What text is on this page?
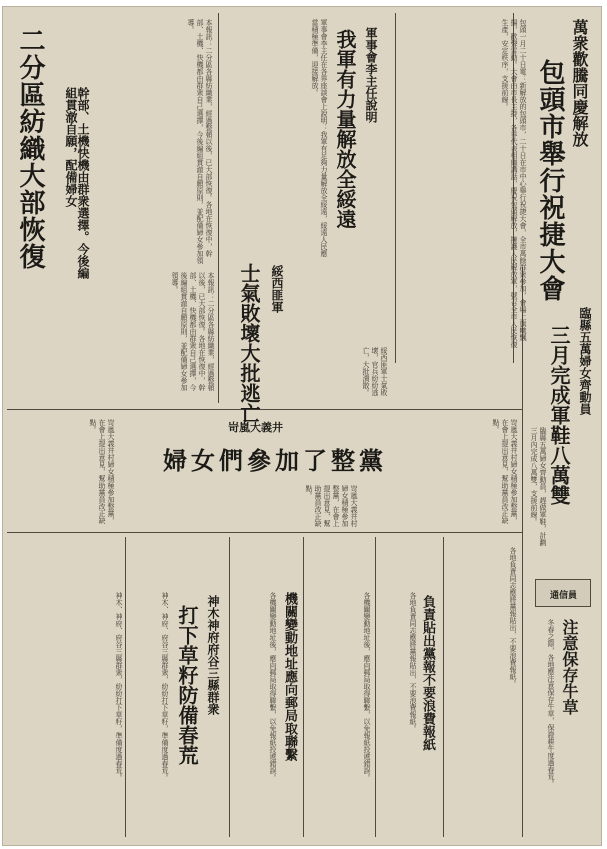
萬衆歡騰同慶解放
包頭市舉行祝捷大會
包頭一月二十日電：新解放的包頭市，二十日在市中心舉行祝捷大會，全市萬餘群衆參加，會場上旗幟飄揚，歡聲雷動。大會由市長主持，各界代表相繼講話，慶祝包頭解放，擁護人民解放軍，號召全市人民恢復生產，安定秩序，支援前線。
二分區紡織大部恢復	幹部、土機快機由群衆選擇。今後編組貫澈自願，配備婦女	本報訊：二分區各縣紡織業，經過整頓以後，已大部恢復。各地在恢復中，幹部、土機、快機都由群衆自己選擇，今後編組貫澈自願原則，並配備婦女參加領導。
本報訊：二分區各縣紡織業，經過整頓以後，已大部恢復。各地在恢復中，幹部、土機、快機都由群衆自己選擇，今後編組貫澈自願原則，並配備婦女參加領導。
軍事會李主任說明
我軍有力量解放全綏遠
軍事會李主任在各界座談會上說明：我軍有足夠力量解放全綏遠，綏遠人民應當積極準備，迎接解放。
綏西匪軍
士氣敗壞大批逃亡	綏西匪軍士氣敗壞，官兵紛紛逃亡，大批潰散。	臨縣五萬婦女齊動員
三月完成軍鞋八萬雙
臨縣五萬婦女齊動員，趕做軍鞋，計劃三月內完成八萬雙，支援前線。
岢嵐大義井
婦女們參加了整黨
岢嵐大義井村婦女積極參加整黨，在會上提出意見，幫助黨員改正缺點。	岢嵐大義井村婦女積極參加整黨，在會上提出意見，幫助黨員改正缺點。
岢嵐大義井村婦女積極參加整黨，在會上提出意見，幫助黨員改正缺點。
神木神府府谷三縣群衆
打下草籽防備春荒
神木、神府、府谷三縣群衆，紛紛打下草籽，準備度過春荒。	神木、神府、府谷三縣群衆，紛紛打下草籽，準備度過春荒。	機關變動地址應向郵局取聯繫
各機關變動地址後，應向郵局取得聯繫，以免報紙投遞錯誤。	各機關變動地址後，應向郵局取得聯繫，以免報紙投遞錯誤。	負責貼出黨報不要浪費報紙
各地負責同志應將黨報貼出，不要浪費報紙。	各地負責同志應將黨報貼出，不要浪費報紙。	通信員
注意保存牛草
冬春之際，各地應注意保存牛草，保證耕牛度過春荒。
